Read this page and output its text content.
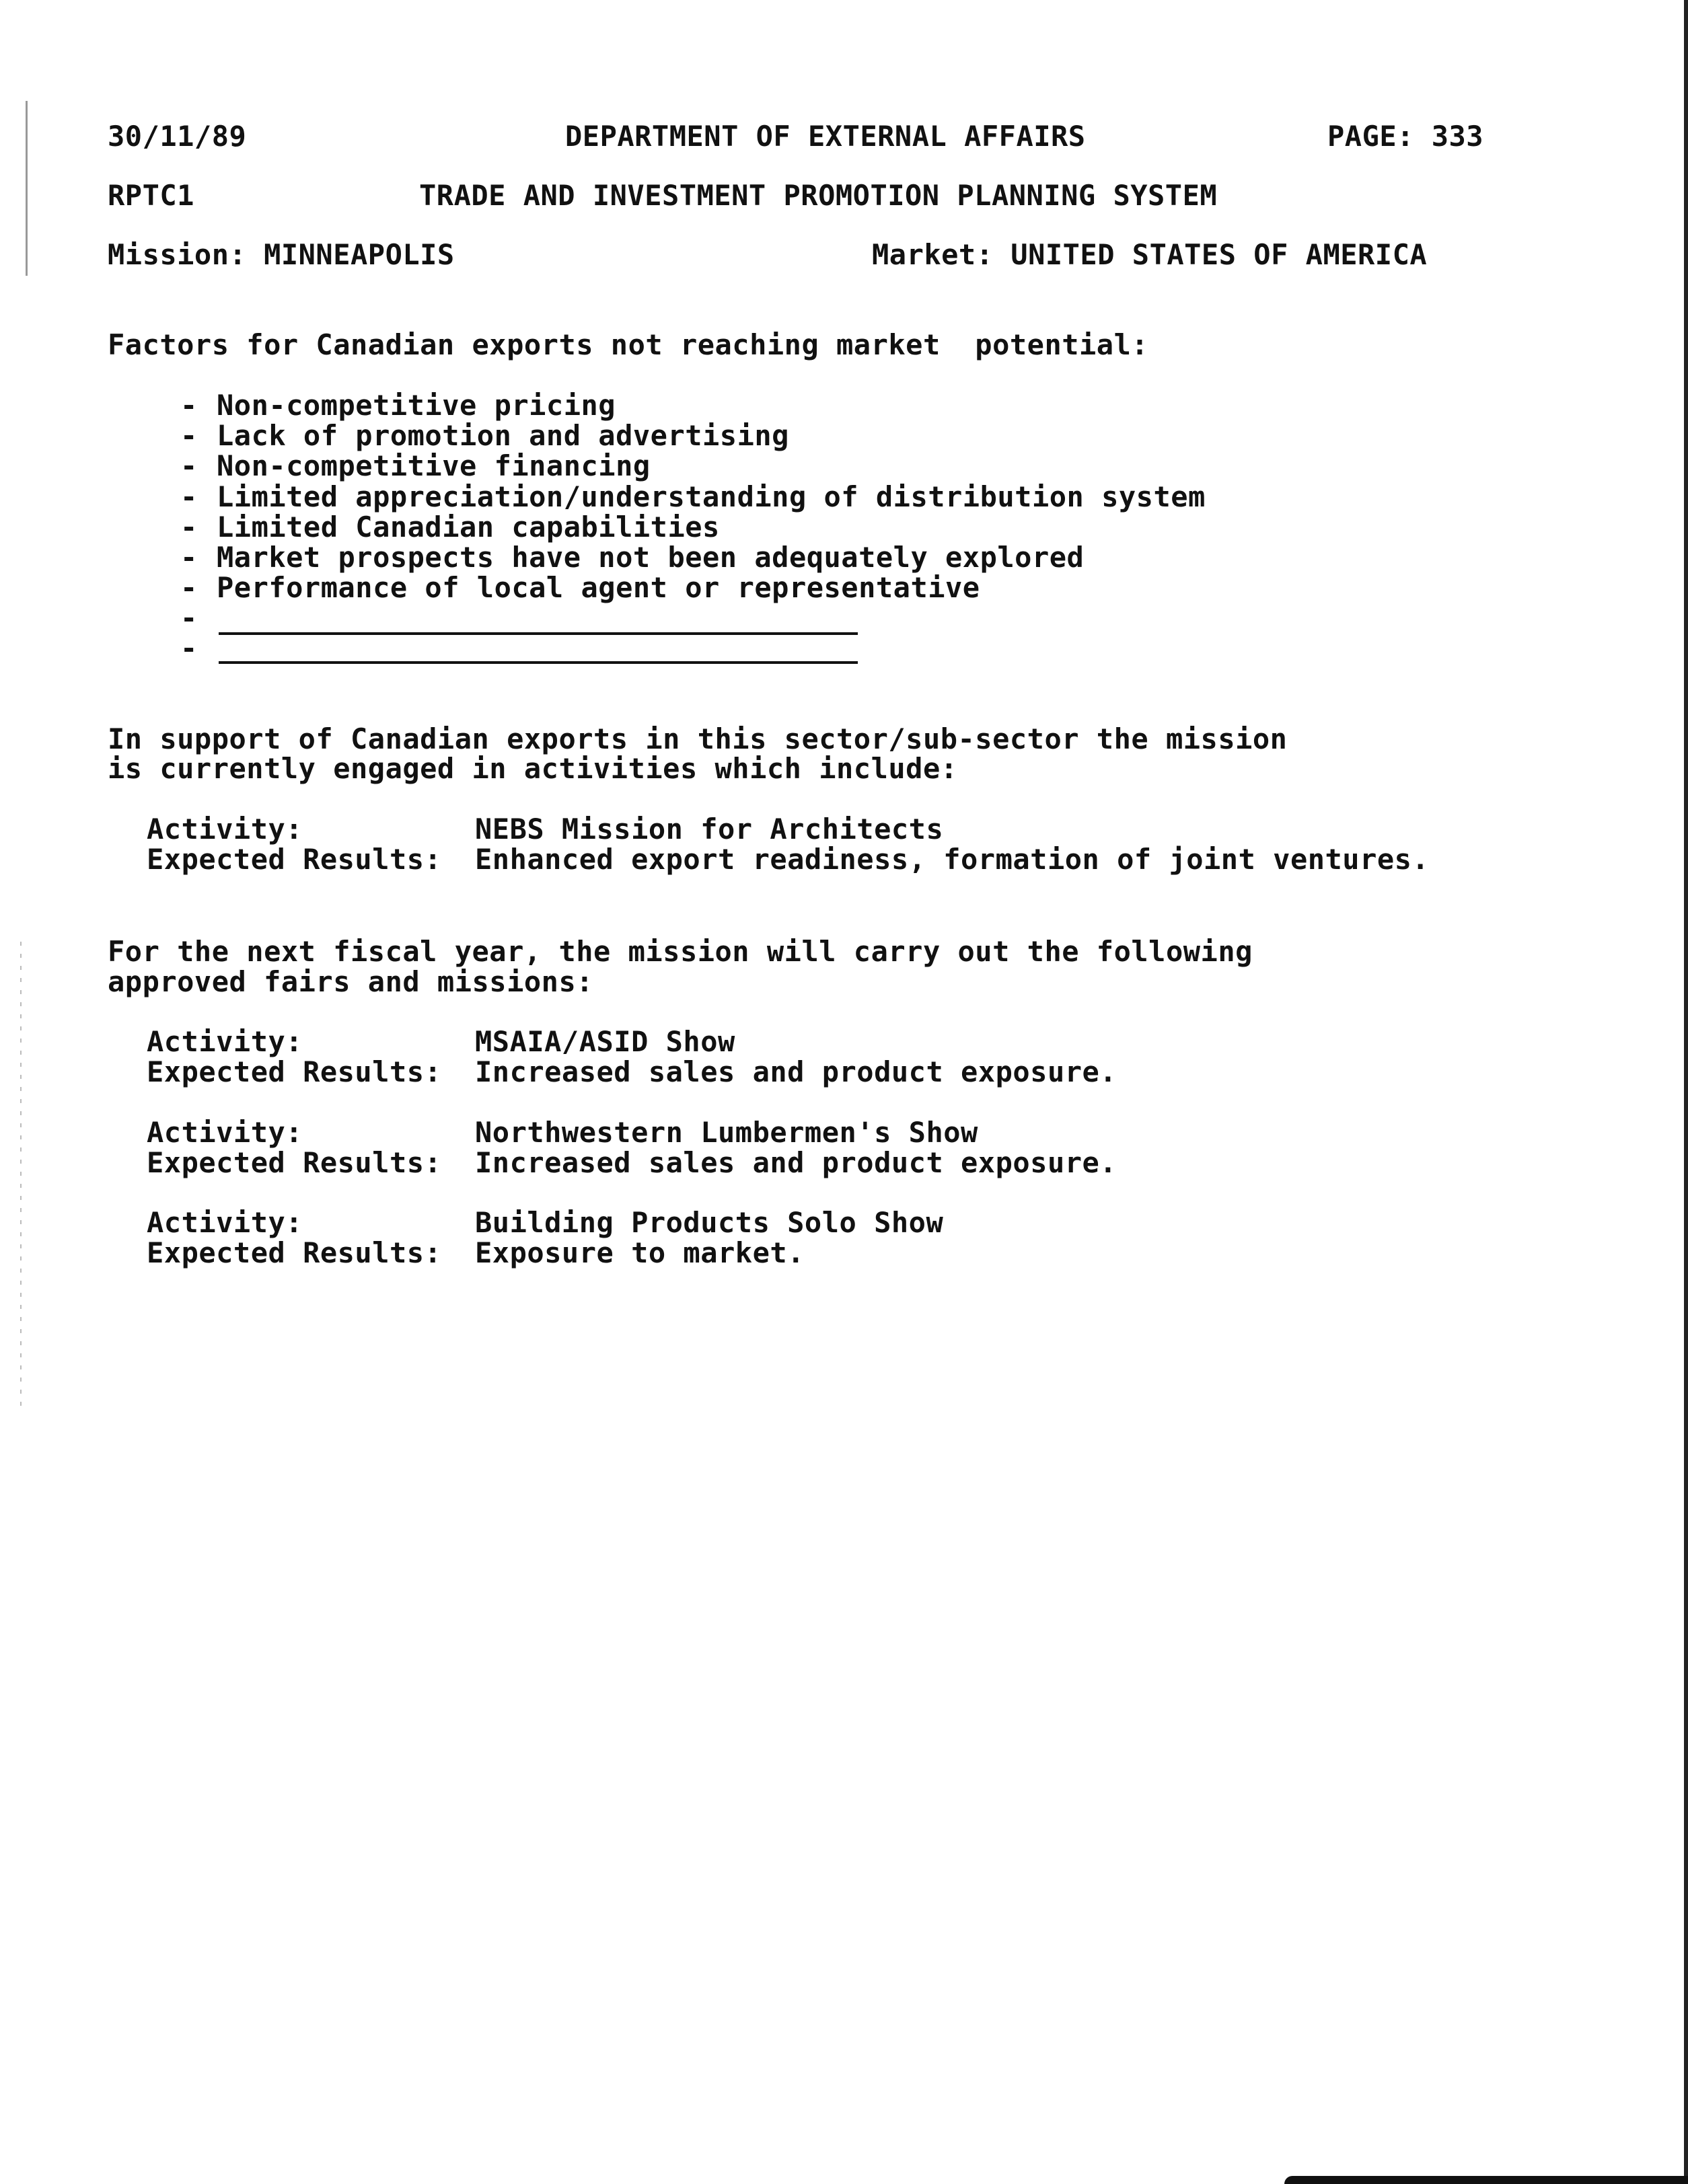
30/11/89	DEPARTMENT OF EXTERNAL AFFAIRS	PAGE: 333
RPTC1	TRADE AND INVESTMENT PROMOTION PLANNING SYSTEM
Mission: MINNEAPOLIS	Market: UNITED STATES OF AMERICA
Factors for Canadian exports not reaching market  potential:
- Non-competitive pricing
- Lack of promotion and advertising
- Non-competitive financing
- Limited appreciation/understanding of distribution system
- Limited Canadian capabilities
- Market prospects have not been adequately explored
- Performance of local agent or representative
-
-
In support of Canadian exports in this sector/sub-sector the mission
is currently engaged in activities which include:
Activity:	NEBS Mission for Architects
Expected Results: Enhanced export readiness, formation of joint ventures.
For the next fiscal year, the mission will carry out the following
approved fairs and missions:
Activity:	MSAIA/ASID Show
Expected Results: Increased sales and product exposure.
Activity:	Northwestern Lumbermen's Show
Expected Results: Increased sales and product exposure.
Activity:	Building Products Solo Show
Expected Results: Exposure to market.
